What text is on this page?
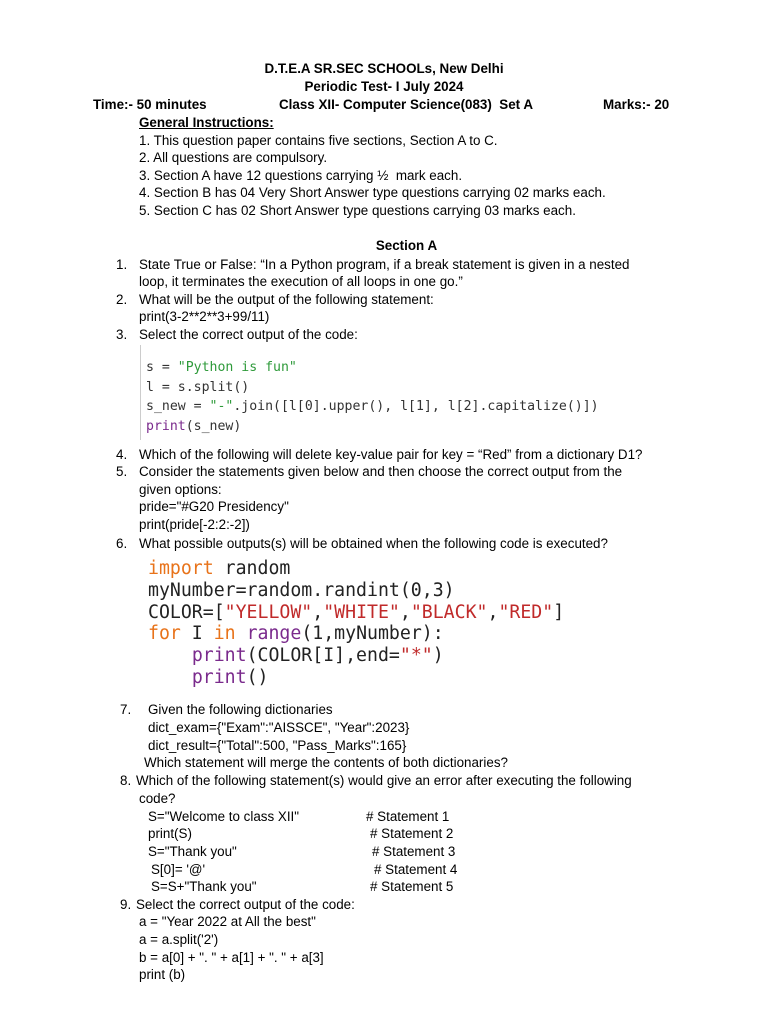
D.T.E.A SR.SEC SCHOOLs, New Delhi
Periodic Test- I July 2024
Time:- 50 minutes	Class XII- Computer Science(083)  Set A	Marks:- 20
General Instructions:
1. This question paper contains five sections, Section A to C.
2. All questions are compulsory.
3. Section A have 12 questions carrying ½  mark each.
4. Section B has 04 Very Short Answer type questions carrying 02 marks each.
5. Section C has 02 Short Answer type questions carrying 03 marks each.
Section A
1. State True or False: “In a Python program, if a break statement is given in a nested
loop, it terminates the execution of all loops in one go.”
2. What will be the output of the following statement:
print(3-2**2**3+99/11)
3. Select the correct output of the code:
s = "Python is fun"
l = s.split()
s_new = "-".join([l[0].upper(), l[1], l[2].capitalize()])
print(s_new)
4. Which of the following will delete key-value pair for key = “Red” from a dictionary D1?
5. Consider the statements given below and then choose the correct output from the
given options:
pride="#G20 Presidency"
print(pride[-2:2:-2])
6. What possible outputs(s) will be obtained when the following code is executed?
import random
myNumber=random.randint(0,3)
COLOR=["YELLOW","WHITE","BLACK","RED"]
for I in range(1,myNumber):
print(COLOR[I],end="*")
print()
7. Given the following dictionaries
dict_exam={"Exam":"AISSCE", "Year":2023}
dict_result={"Total":500, "Pass_Marks":165}
Which statement will merge the contents of both dictionaries?
8. Which of the following statement(s) would give an error after executing the following
code?
S="Welcome to class XII"	# Statement 1
print(S)	# Statement 2
S="Thank you"	# Statement 3
S[0]= '@'	# Statement 4
S=S+"Thank you"	# Statement 5
9. Select the correct output of the code:
a = "Year 2022 at All the best"
a = a.split('2')
b = a[0] + ". " + a[1] + ". " + a[3]
print (b)
